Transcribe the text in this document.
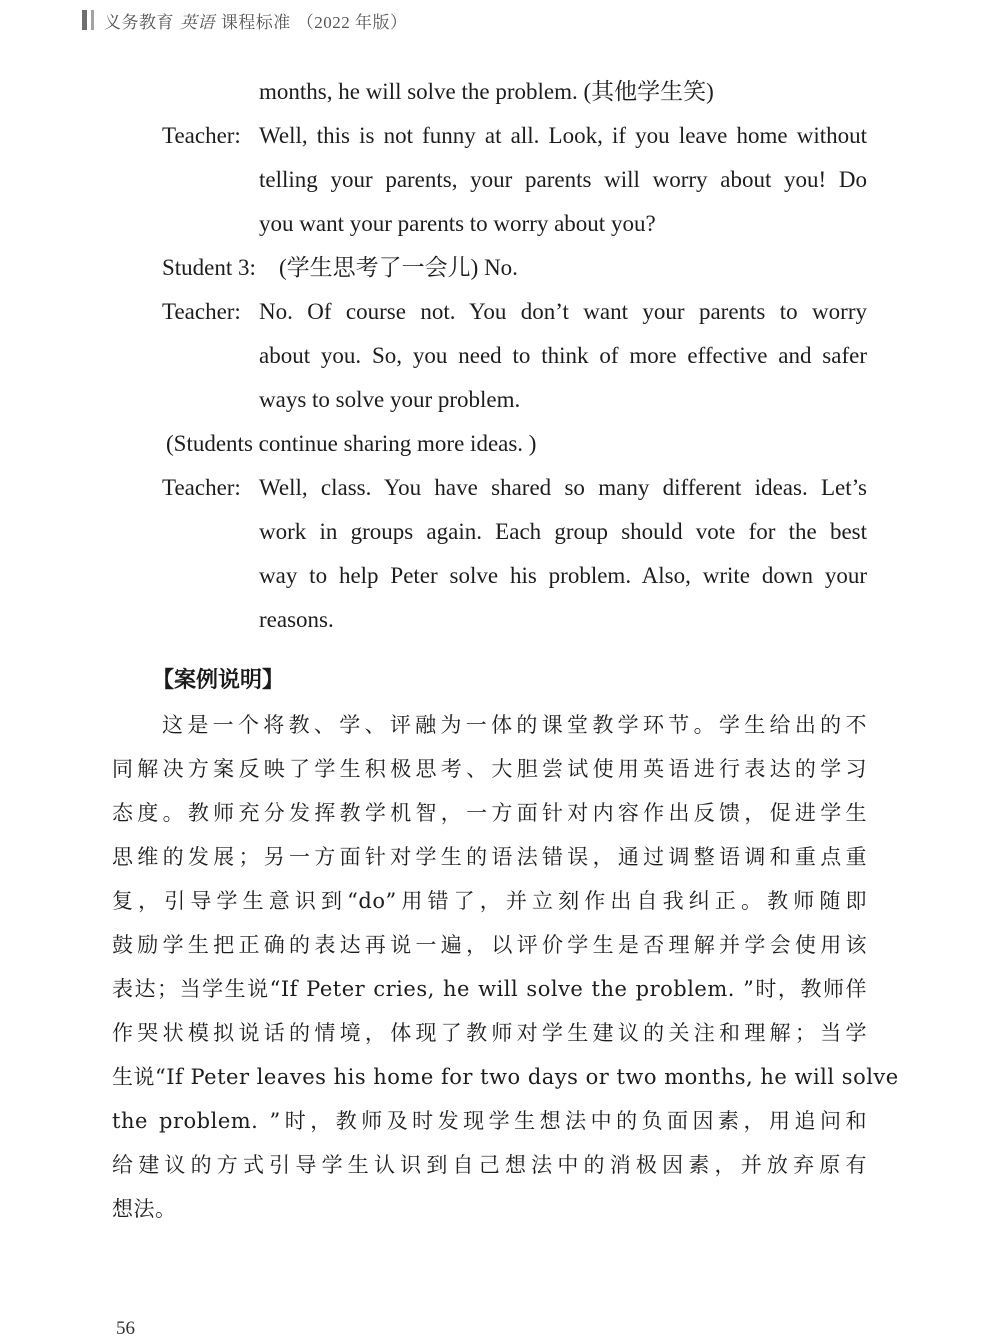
义务教育 英语 课程标准 （2022 年版）
months, he will solve the problem. (其他学生笑)
Teacher: Well, this is not funny at all. Look, if you leave home without
telling your parents, your parents will worry about you! Do
you want your parents to worry about you?
Student 3: (学生思考了一会儿) No.
Teacher: No. Of course not. You don’t want your parents to worry
about you. So, you need to think of more effective and safer
ways to solve your problem.
(Students continue sharing more ideas. )
Teacher: Well, class. You have shared so many different ideas. Let’s
work in groups again. Each group should vote for the best
way to help Peter solve his problem. Also, write down your
reasons.
【案例说明】
这是一个将教、学、评融为一体的课堂教学环节。学生给出的不
同解决方案反映了学生积极思考、大胆尝试使用英语进行表达的学习
态度。教师充分发挥教学机智，一方面针对内容作出反馈，促进学生
思维的发展；另一方面针对学生的语法错误，通过调整语调和重点重
复，引导学生意识到“do”用错了，并立刻作出自我纠正。教师随即
鼓励学生把正确的表达再说一遍，以评价学生是否理解并学会使用该
表达；当学生说“If Peter cries, he will solve the problem. ”时，教师佯
作哭状模拟说话的情境，体现了教师对学生建议的关注和理解；当学
生说“If Peter leaves his home for two days or two months, he will solve
the problem. ”时，教师及时发现学生想法中的负面因素，用追问和
给建议的方式引导学生认识到自己想法中的消极因素，并放弃原有
想法。
56
